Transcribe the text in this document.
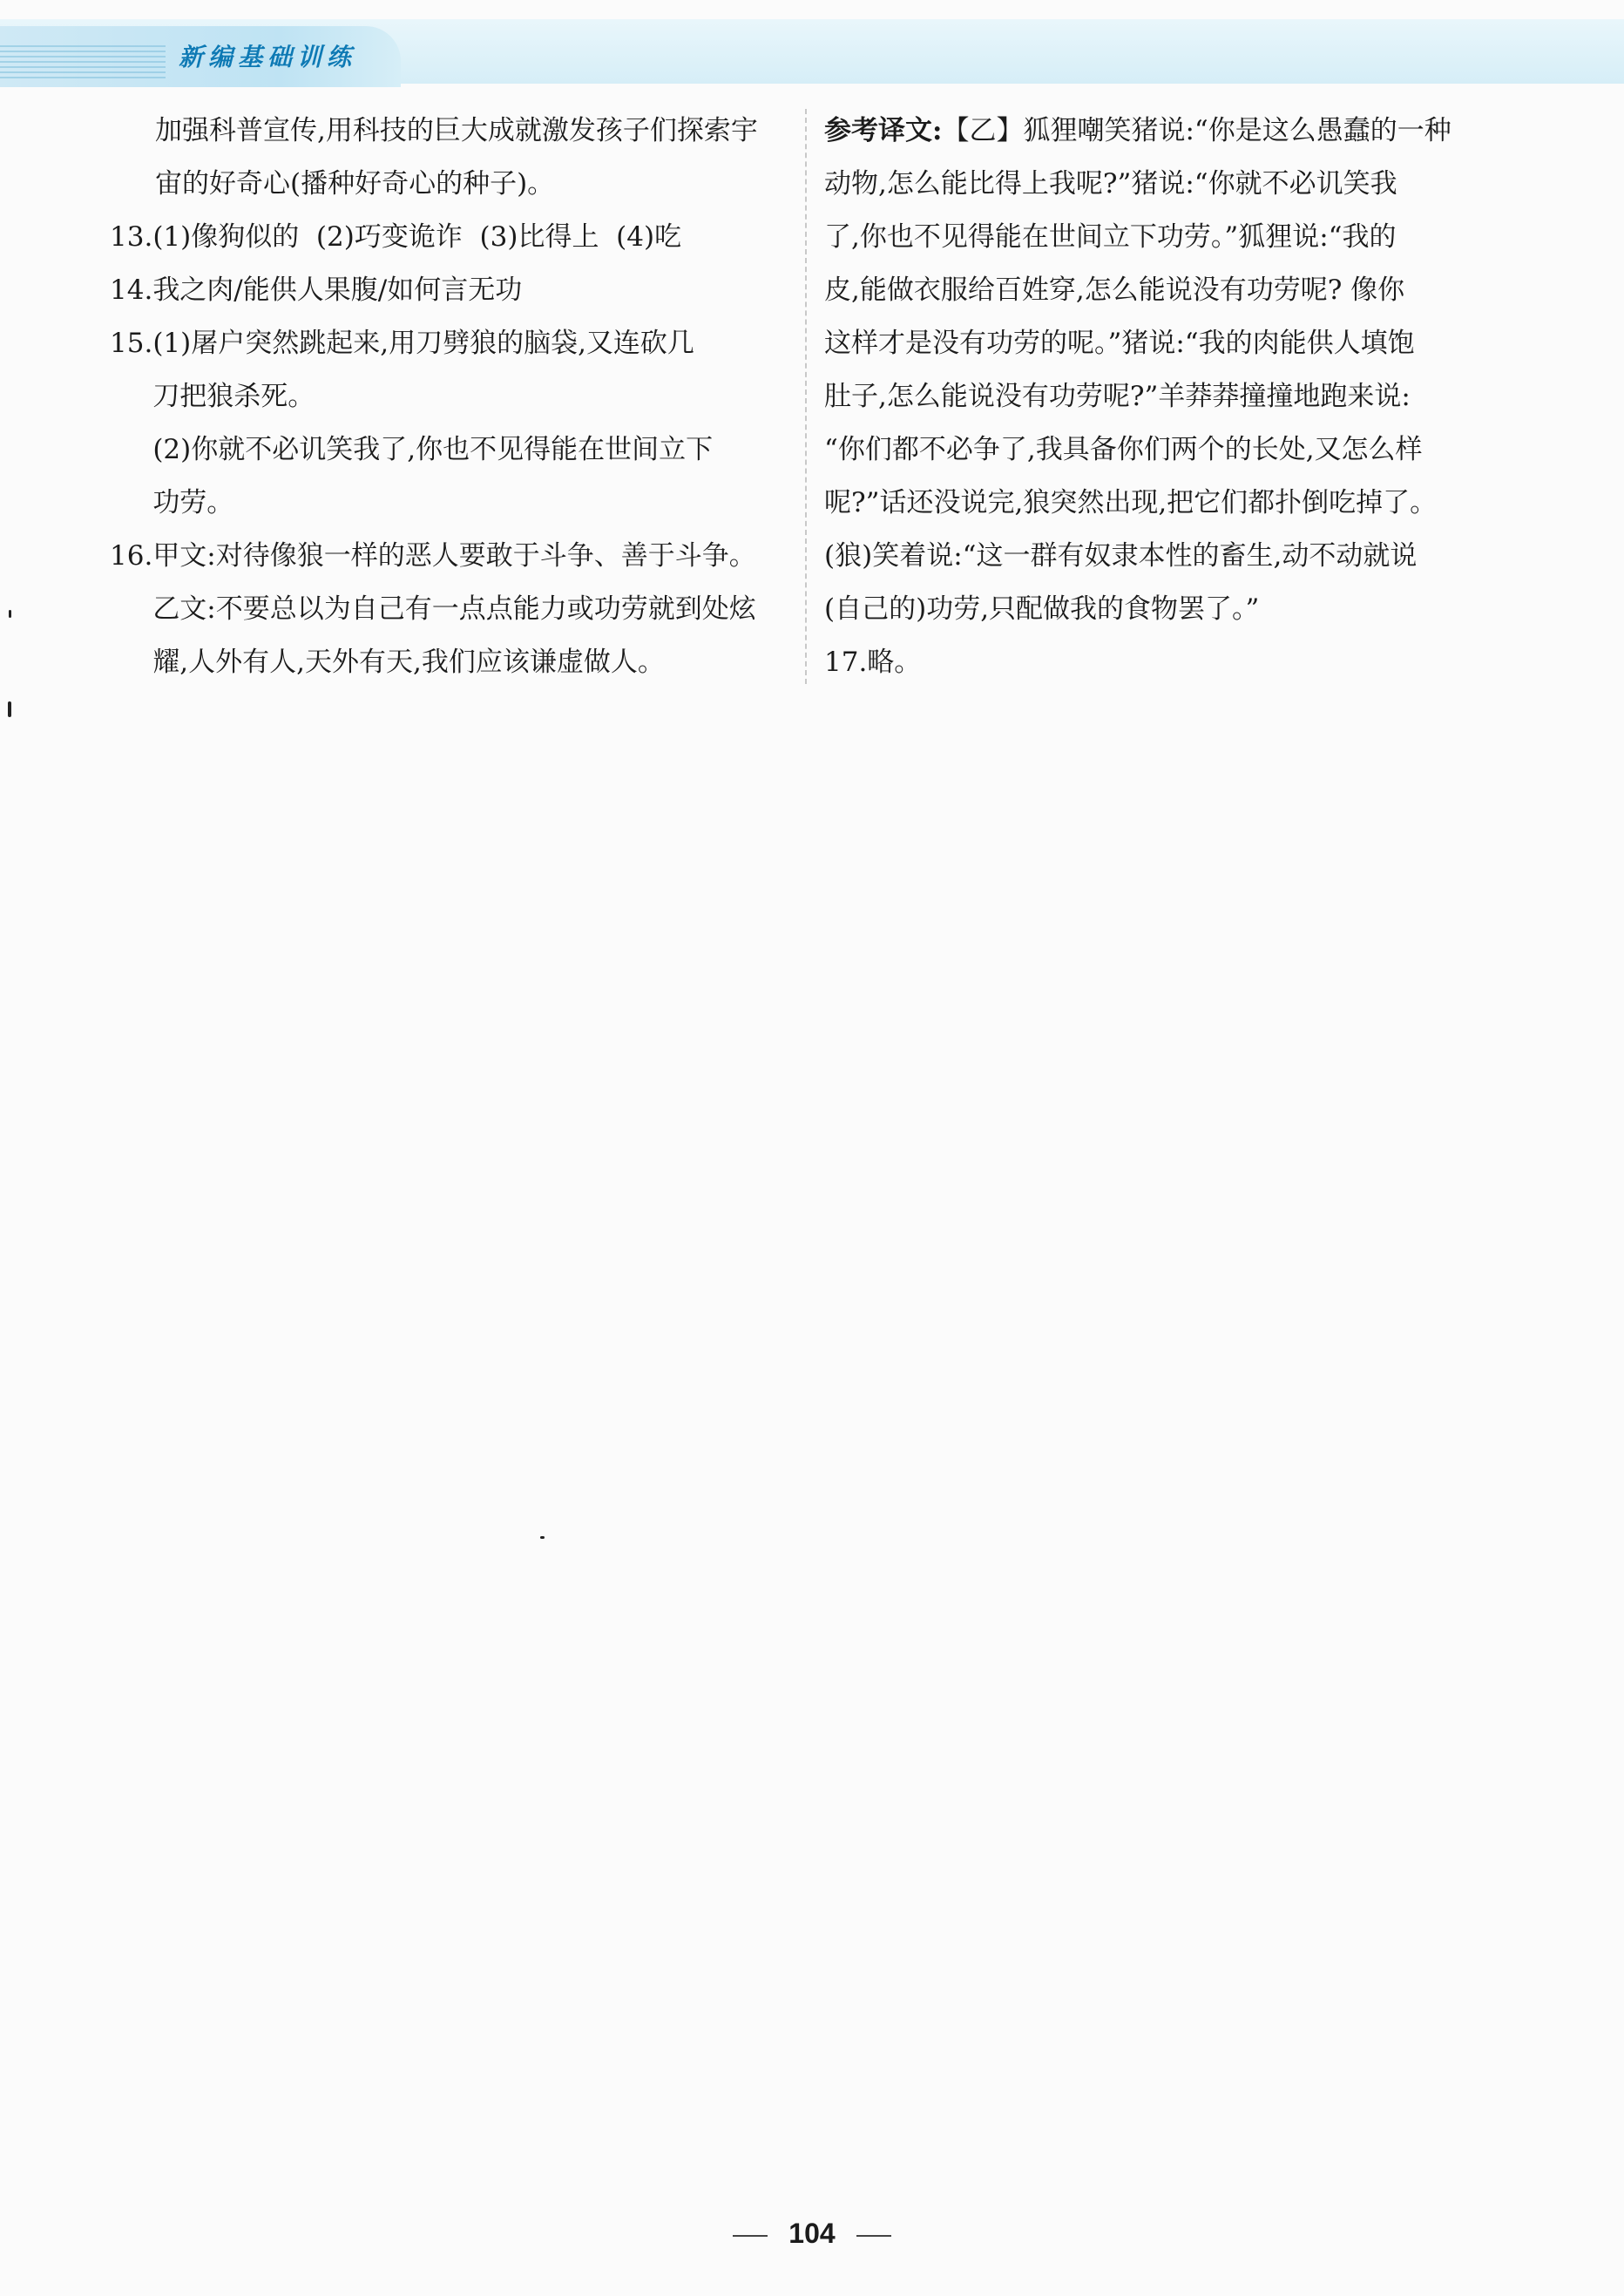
新编基础训练
加强科普宣传,用科技的巨大成就激发孩子们探索宇
宙的好奇心(播种好奇心的种子)。
13. (1)像狗似的  (2)巧变诡诈  (3)比得上  (4)吃
14. 我之肉/能供人果腹/如何言无功
15. (1)屠户突然跳起来,用刀劈狼的脑袋,又连砍几
刀把狼杀死。
(2)你就不必讥笑我了,你也不见得能在世间立下
功劳。
16. 甲文:对待像狼一样的恶人要敢于斗争、善于斗争。
乙文:不要总以为自己有一点点能力或功劳就到处炫
耀,人外有人,天外有天,我们应该谦虚做人。
参考译文:【乙】狐狸嘲笑猪说:“你是这么愚蠢的一种
动物,怎么能比得上我呢?”猪说:“你就不必讥笑我
了,你也不见得能在世间立下功劳。”狐狸说:“我的
皮,能做衣服给百姓穿,怎么能说没有功劳呢? 像你
这样才是没有功劳的呢。”猪说:“我的肉能供人填饱
肚子,怎么能说没有功劳呢?”羊莽莽撞撞地跑来说:
“你们都不必争了,我具备你们两个的长处,又怎么样
呢?”话还没说完,狼突然出现,把它们都扑倒吃掉了。
(狼)笑着说:“这一群有奴隶本性的畜生,动不动就说
(自己的)功劳,只配做我的食物罢了。”
17.略。
104
